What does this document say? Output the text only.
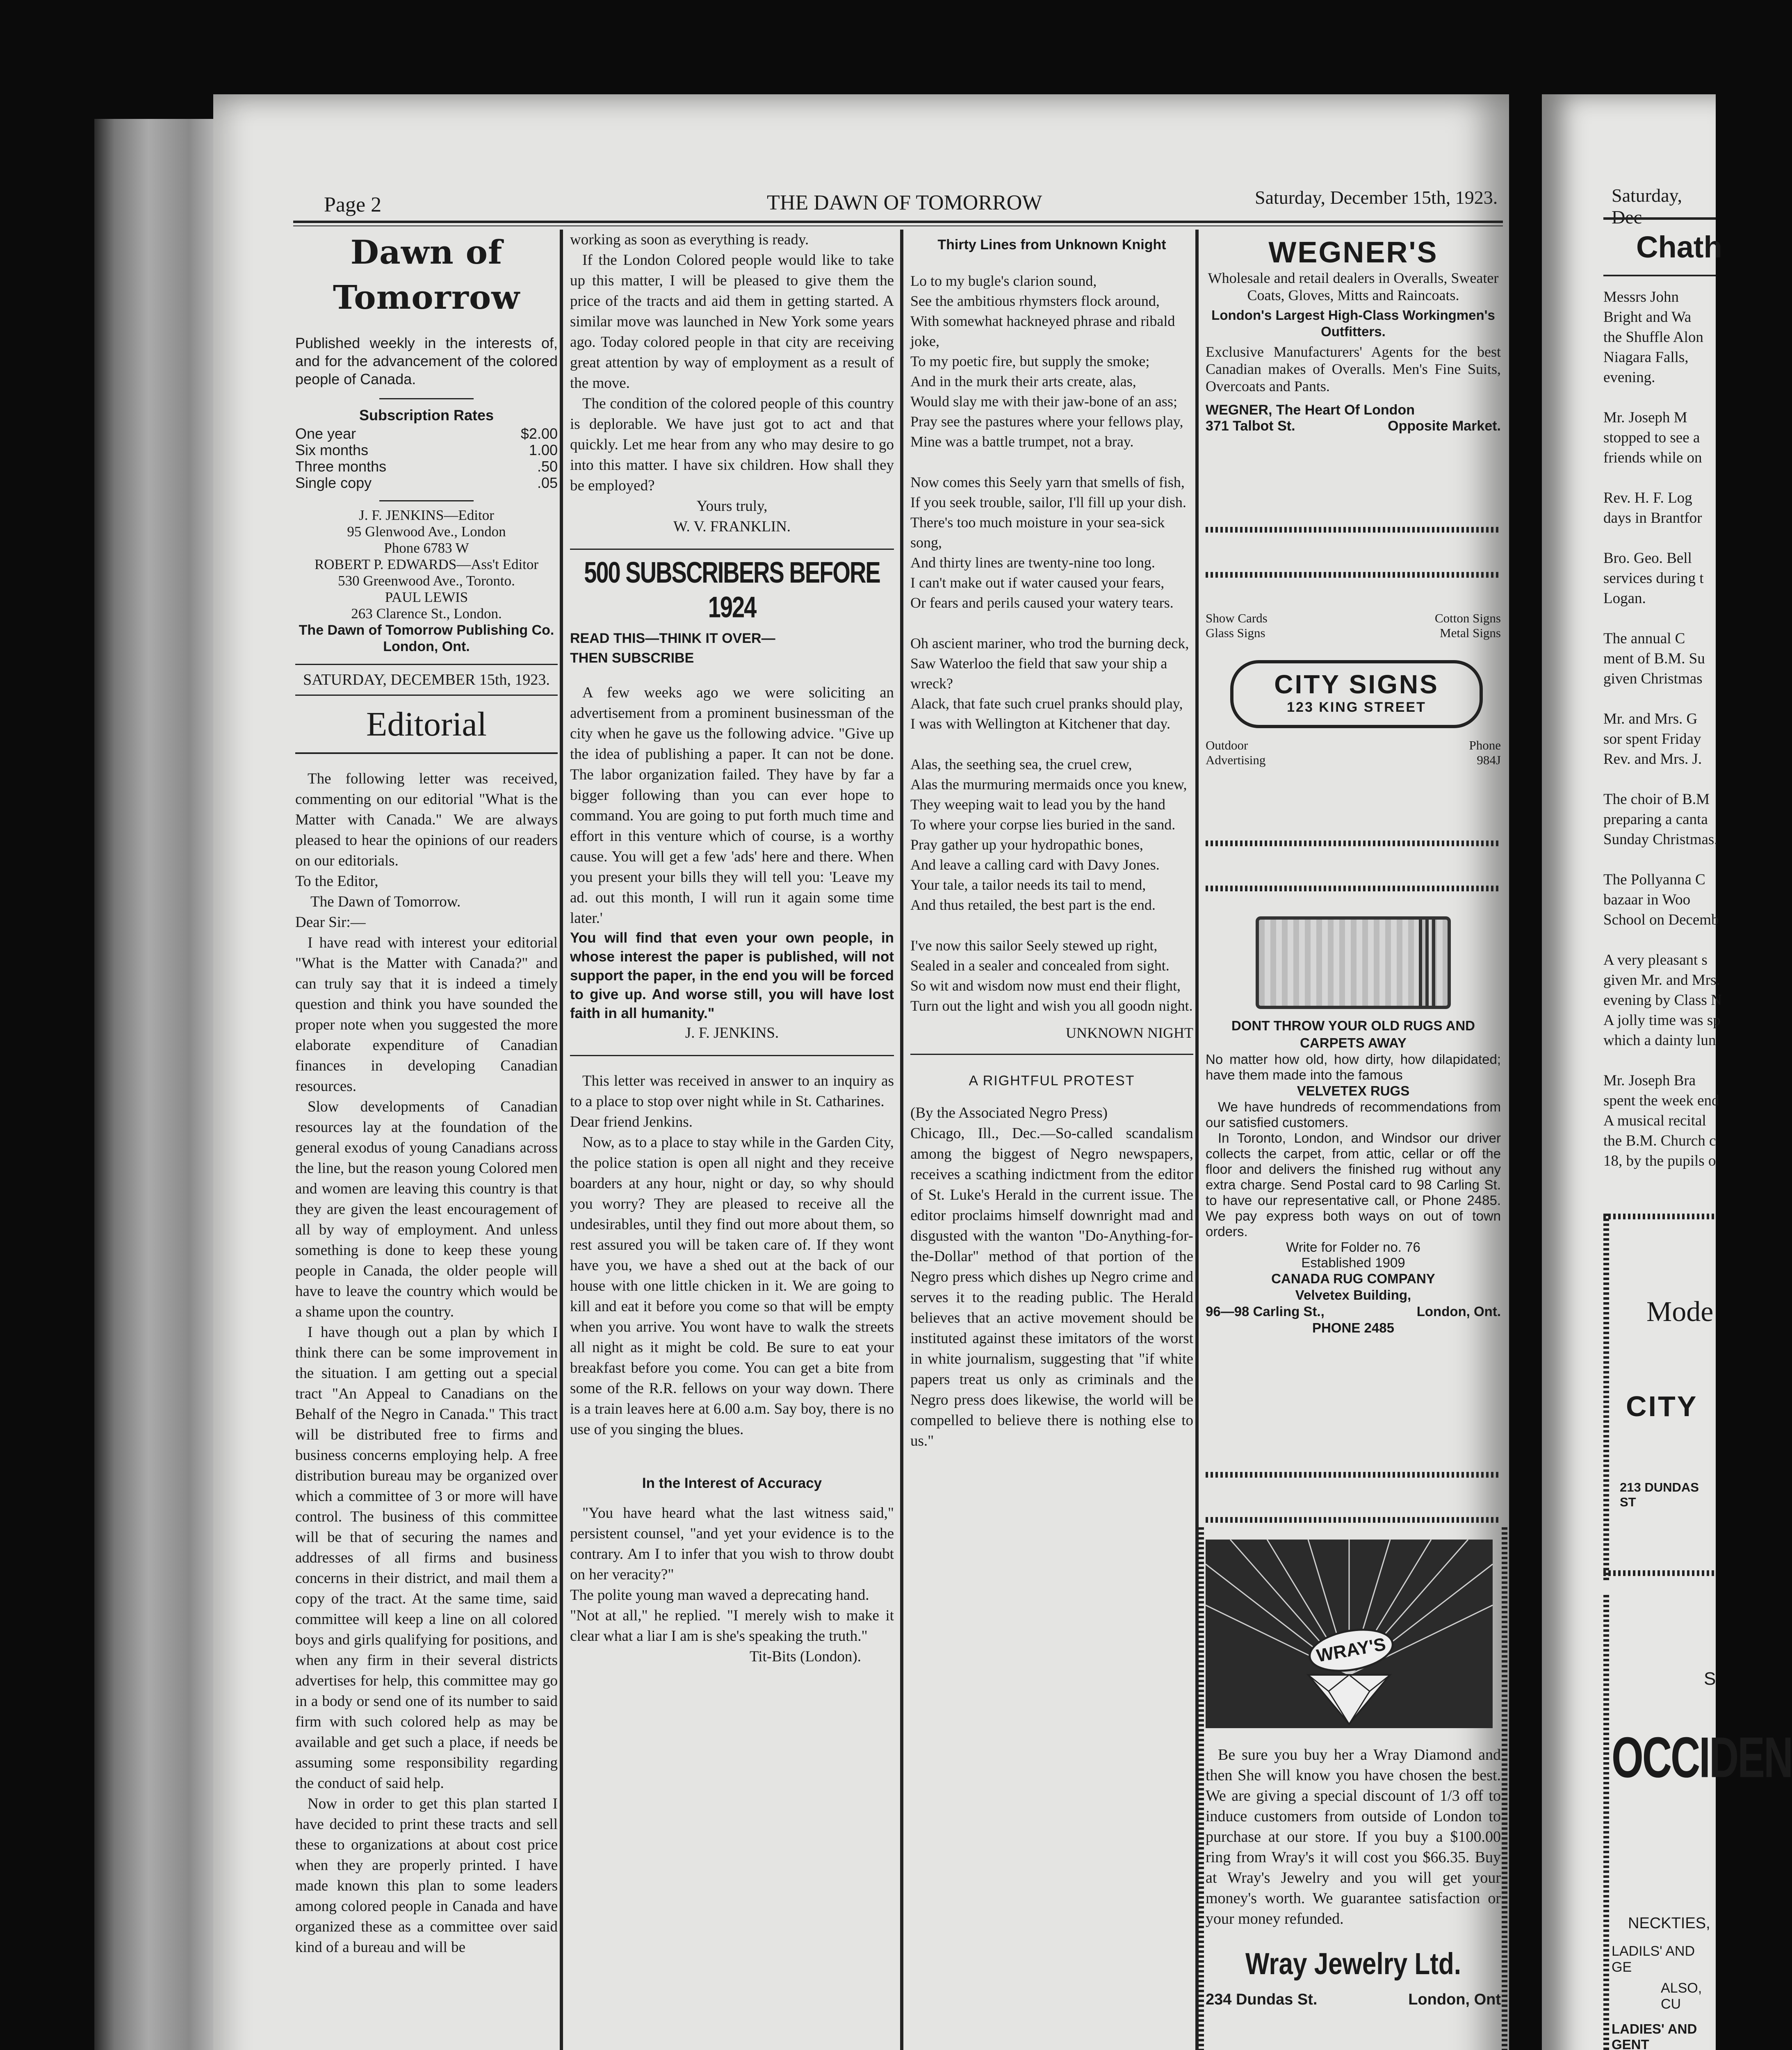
Page 2	THE DAWN OF TOMORROW	Saturday, December 15th, 1923.
Dawn of Tomorrow
Published weekly in the interests of, and for the advancement of the colored people of Canada.
Subscription Rates
One year	$2.00
Six months	1.00
Three months	.50
Single copy	.05
J. F. JENKINS—Editor
95 Glenwood Ave., London
Phone 6783 W
ROBERT P. EDWARDS—Ass't Editor
530 Greenwood Ave., Toronto.
PAUL LEWIS
263 Clarence St., London.
The Dawn of Tomorrow Publishing Co.
London, Ont.
SATURDAY, DECEMBER 15th, 1923.
Editorial
The following letter was received, commenting on our editorial "What is the Matter with Canada." We are always pleased to hear the opinions of our readers on our editorials.
To the Editor,
The Dawn of Tomorrow.
Dear Sir:—
I have read with interest your editorial "What is the Matter with Canada?" and can truly say that it is indeed a timely question and think you have sounded the proper note when you suggested the more elaborate expenditure of Canadian finances in developing Canadian resources.
Slow developments of Canadian resources lay at the foundation of the general exodus of young Canadians across the line, but the reason young Colored men and women are leaving this country is that they are given the least encouragement of all by way of employment. And unless something is done to keep these young people in Canada, the older people will have to leave the country which would be a shame upon the country.
I have though out a plan by which I think there can be some improvement in the situation. I am getting out a special tract "An Appeal to Canadians on the Behalf of the Negro in Canada." This tract will be distributed free to firms and business concerns employing help. A free distribution bureau may be organized over which a committee of 3 or more will have control. The business of this committee will be that of securing the names and addresses of all firms and business concerns in their district, and mail them a copy of the tract. At the same time, said committee will keep a line on all colored boys and girls qualifying for positions, and when any firm in their several districts advertises for help, this committee may go in a body or send one of its number to said firm with such colored help as may be available and get such a place, if needs be assuming some responsibility regarding the conduct of said help.
Now in order to get this plan started I have decided to print these tracts and sell these to organizations at about cost price when they are properly printed. I have made known this plan to some leaders among colored people in Canada and have organized these as a committee over said kind of a bureau and will be
working as soon as everything is ready.
If the London Colored people would like to take up this matter, I will be pleased to give them the price of the tracts and aid them in getting started. A similar move was launched in New York some years ago. Today colored people in that city are receiving great attention by way of employment as a result of the move.
The condition of the colored people of this country is deplorable. We have just got to act and that quickly. Let me hear from any who may desire to go into this matter. I have six children. How shall they be employed?
Yours truly,
W. V. FRANKLIN.
500 SUBSCRIBERS BEFORE 1924
READ THIS—THINK IT OVER—
THEN SUBSCRIBE
A few weeks ago we were soliciting an advertisement from a prominent businessman of the city when he gave us the following advice. "Give up the idea of publishing a paper. It can not be done. The labor organization failed. They have by far a bigger following than you can ever hope to command. You are going to put forth much time and effort in this venture which of course, is a worthy cause. You will get a few 'ads' here and there. When you present your bills they will tell you: 'Leave my ad. out this month, I will run it again some time later.'
You will find that even your own people, in whose interest the paper is published, will not support the paper, in the end you will be forced to give up. And worse still, you will have lost faith in all humanity."
J. F. JENKINS.
This letter was received in answer to an inquiry as to a place to stop over night while in St. Catharines.
Dear friend Jenkins.
Now, as to a place to stay while in the Garden City, the police station is open all night and they receive boarders at any hour, night or day, so why should you worry? They are pleased to receive all the undesirables, until they find out more about them, so rest assured you will be taken care of. If they wont have you, we have a shed out at the back of our house with one little chicken in it. We are going to kill and eat it before you come so that will be empty when you arrive. You wont have to walk the streets all night as it might be cold. Be sure to eat your breakfast before you come. You can get a bite from some of the R.R. fellows on your way down. There is a train leaves here at 6.00 a.m. Say boy, there is no use of you singing the blues.
In the Interest of Accuracy
"You have heard what the last witness said," persistent counsel, "and yet your evidence is to the contrary. Am I to infer that you wish to throw doubt on her veracity?"
The polite young man waved a deprecating hand.
"Not at all," he replied. "I merely wish to make it clear what a liar I am is she's speaking the truth."
Tit-Bits (London).
Thirty Lines from Unknown Knight
Lo to my bugle's clarion sound,
See the ambitious rhymsters flock around,
With somewhat hackneyed phrase and ribald joke,
To my poetic fire, but supply the smoke;
And in the murk their arts create, alas,
Would slay me with their jaw-bone of an ass;
Pray see the pastures where your fellows play,
Mine was a battle trumpet, not a bray.
Now comes this Seely yarn that smells of fish,
If you seek trouble, sailor, I'll fill up your dish.
There's too much moisture in your sea-sick song,
And thirty lines are twenty-nine too long.
I can't make out if water caused your fears,
Or fears and perils caused your watery tears.
Oh ascient mariner, who trod the burning deck,
Saw Waterloo the field that saw your ship a wreck?
Alack, that fate such cruel pranks should play,
I was with Wellington at Kitchener that day.
Alas, the seething sea, the cruel crew,
Alas the murmuring mermaids once you knew,
They weeping wait to lead you by the hand
To where your corpse lies buried in the sand.
Pray gather up your hydropathic bones,
And leave a calling card with Davy Jones.
Your tale, a tailor needs its tail to mend,
And thus retailed, the best part is the end.
I've now this sailor Seely stewed up right,
Sealed in a sealer and concealed from sight.
So wit and wisdom now must end their flight,
Turn out the light and wish you all goodn night.
UNKNOWN NIGHT
A RIGHTFUL PROTEST
(By the Associated Negro Press)
Chicago, Ill., Dec.—So-called scandalism among the biggest of Negro newspapers, receives a scathing indictment from the editor of St. Luke's Herald in the current issue. The editor proclaims himself downright mad and disgusted with the wanton "Do-Anything-for-the-Dollar" method of that portion of the Negro press which dishes up Negro crime and serves it to the reading public. The Herald believes that an active movement should be instituted against these imitators of the worst in white journalism, suggesting that "if white papers treat us only as criminals and the Negro press does likewise, the world will be compelled to believe there is nothing else to us."
WEGNER'S
Wholesale and retail dealers in Overalls, Sweater Coats, Gloves, Mitts and Raincoats.
London's Largest High-Class Workingmen's Outfitters.
Exclusive Manufacturers' Agents for the best Canadian makes of Overalls. Men's Fine Suits, Overcoats and Pants.
WEGNER, The Heart Of London
371 Talbot St.	Opposite Market.
Show Cards
Glass Signs
Cotton Signs
Metal Signs
CITY SIGNS
123 KING STREET
Outdoor
Advertising
Phone
984J
DONT THROW YOUR OLD RUGS AND CARPETS AWAY
No matter how old, how dirty, how dilapidated; have them made into the famous
VELVETEX RUGS
We have hundreds of recommendations from our satisfied customers.
In Toronto, London, and Windsor our driver collects the carpet, from attic, cellar or off the floor and delivers the finished rug without any extra charge. Send Postal card to 98 Carling St. to have our representative call, or Phone 2485. We pay express both ways on out of town orders.
Write for Folder no. 76
Established 1909
CANADA RUG COMPANY
Velvetex Building,
96—98 Carling St.,	London, Ont.
PHONE 2485
WRAY'S
Be sure you buy her a Wray Diamond and then She will know you have chosen the best. We are giving a special discount of 1/3 off to induce customers from outside of London to purchase at our store. If you buy a $100.00 ring from Wray's it will cost you $66.35. Buy at Wray's Jewelry and you will get your money's worth. We guarantee satisfaction or your money refunded.
Wray Jewelry Ltd.
234 Dundas St.	London, Ont
Saturday,
Chath
Messrs John
Bright and Wa
the Shuffle Alon
Niagara Falls,
evening.
Mr. Joseph M
stopped to see a
friends while on
Rev. H. F. Log
days in Brantfor
Bro. Geo. Bell
services during t
Logan.
The annual C
ment of B.M. Su
given Christmas
Mr. and Mrs. G
sor spent Friday
Rev. and Mrs. J.
The choir of B.M
preparing a canta
Sunday Christmas.
The Pollyanna C
bazaar in Woo
School on Decemb
A very pleasant s
given Mr. and Mrs.
evening by Class N
A jolly time was sp
which a dainty lun
Mr. Joseph Bra
spent the week end
A musical recital
the B.M. Church c
18, by the pupils o
Mode
CITY
213 DUNDAS ST
S
OCCIDEN
NECKTIES,
LADILS' AND GE
ALSO, CU
LADIES' AND GENT
